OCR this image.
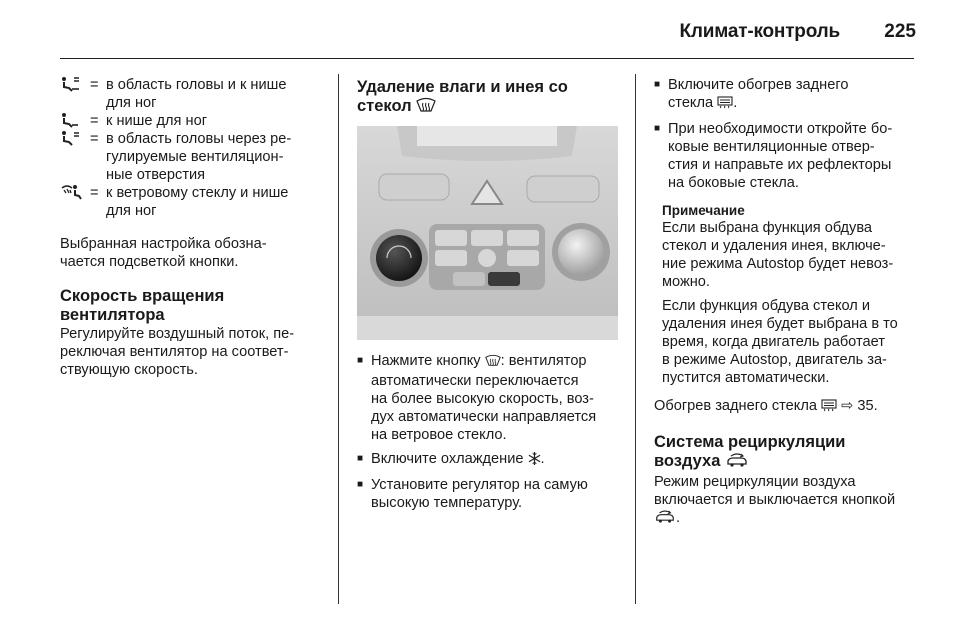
Климат-контроль	225
= в область головы и к нише
для ног
= к нише для ног
= в область головы через ре-
гулируемые вентиляцион-
ные отверстия
= к ветровому стеклу и нише
для ног

Выбранная настройка обозна-
чается подсветкой кнопки.

Скорость вращения
вентилятора

Регулируйте воздушный поток, пе-
реключая вентилятор на соответ-
ствующую скорость.

Удаление влаги и инея со
стекол

■ Нажмите кнопку : вентилятор
автоматически переключается
на более высокую скорость, воз-
дух автоматически направляется
на ветровое стекло.
■ Включите охлаждение .
■ Установите регулятор на самую
высокую температуру.
■ Включите обогрев заднего
стекла .
■ При необходимости откройте бо-
ковые вентиляционные отвер-
стия и направьте их рефлекторы
на боковые стекла.

Примечание

Если выбрана функция обдува
стекол и удаления инея, включе-
ние режима Autostop будет невоз-
можно.

Если функция обдува стекол и
удаления инея будет выбрана в то
время, когда двигатель работает
в режиме Autostop, двигатель за-
пустится автоматически.

Обогрев заднего стекла ⇨ 35.

Система рециркуляции
воздуха

Режим рециркуляции воздуха
включается и выключается кнопкой
.
